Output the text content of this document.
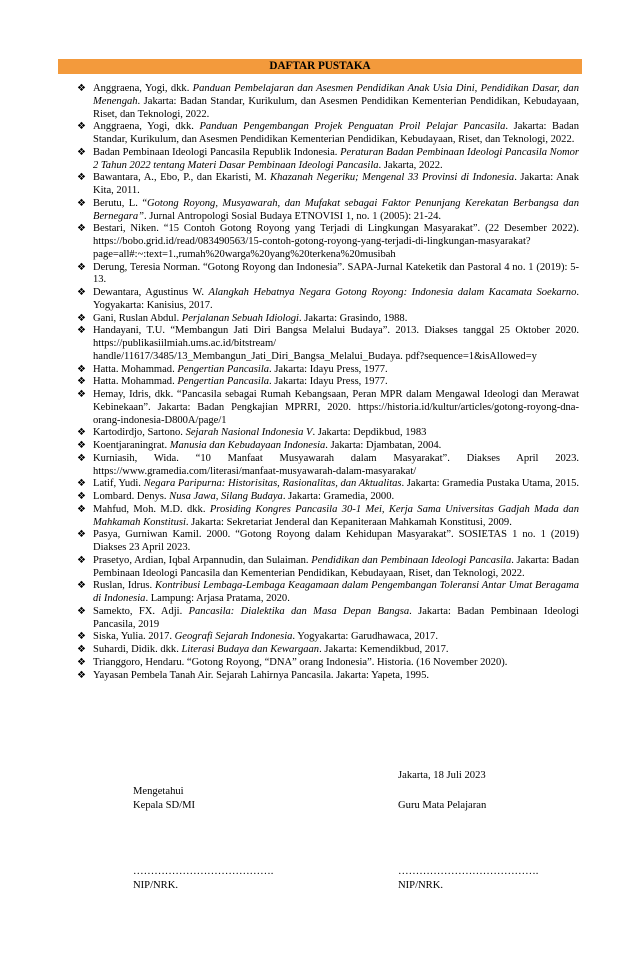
DAFTAR PUSTAKA
❖ Anggraena, Yogi, dkk. Panduan Pembelajaran dan Asesmen Pendidikan Anak Usia Dini, Pendidikan Dasar, dan Menengah. Jakarta: Badan Standar, Kurikulum, dan Asesmen Pendidikan Kementerian Pendidikan, Kebudayaan, Riset, dan Teknologi, 2022.
❖ Anggraena, Yogi, dkk. Panduan Pengembangan Projek Penguatan Proil Pelajar Pancasila. Jakarta: Badan Standar, Kurikulum, dan Asesmen Pendidikan Kementerian Pendidikan, Kebudayaan, Riset, dan Teknologi, 2022.
❖ Badan Pembinaan Ideologi Pancasila Republik Indonesia. Peraturan Badan Pembinaan Ideologi Pancasila Nomor 2 Tahun 2022 tentang Materi Dasar Pembinaan Ideologi Pancasila. Jakarta, 2022.
❖ Bawantara, A., Ebo, P., dan Ekaristi, M. Khazanah Negeriku; Mengenal 33 Provinsi di Indonesia. Jakarta: Anak Kita, 2011.
❖ Berutu, L. “Gotong Royong, Musyawarah, dan Mufakat sebagai Faktor Penunjang Kerekatan Berbangsa dan Bernegara”. Jurnal Antropologi Sosial Budaya ETNOVISI 1, no. 1 (2005): 21-24.
❖ Bestari, Niken. “15 Contoh Gotong Royong yang Terjadi di Lingkungan Masyarakat”. (22 Desember 2022). https://bobo.grid.id/read/083490563/15-contoh-gotong-royong-yang-terjadi-di-lingkungan-masyarakat?page=all#:~:text=1.,rumah%20warga%20yang%20terkena%20musibah
❖ Derung, Teresia Norman. “Gotong Royong dan Indonesia”. SAPA-Jurnal Kateketik dan Pastoral 4 no. 1 (2019): 5-13.
❖ Dewantara, Agustinus W. Alangkah Hebatnya Negara Gotong Royong: Indonesia dalam Kacamata Soekarno. Yogyakarta: Kanisius, 2017.
❖ Gani, Ruslan Abdul. Perjalanan Sebuah Idiologi. Jakarta: Grasindo, 1988.
❖ Handayani, T.U. “Membangun Jati Diri Bangsa Melalui Budaya”. 2013. Diakses tanggal 25 Oktober 2020. https://publikasiilmiah.ums.ac.id/bitstream/ handle/11617/3485/13_Membangun_Jati_Diri_Bangsa_Melalui_Budaya. pdf?sequence=1&isAllowed=y
❖ Hatta. Mohammad. Pengertian Pancasila. Jakarta: Idayu Press, 1977.
❖ Hatta. Mohammad. Pengertian Pancasila. Jakarta: Idayu Press, 1977.
❖ Hemay, Idris, dkk. “Pancasila sebagai Rumah Kebangsaan, Peran MPR dalam Mengawal Ideologi dan Merawat Kebinekaan”. Jakarta: Badan Pengkajian MPRRI, 2020. https://historia.id/kultur/articles/gotong-royong-dna-orang-indonesia-D800A/page/1
❖ Kartodirdjo, Sartono. Sejarah Nasional Indonesia V. Jakarta: Depdikbud, 1983
❖ Koentjaraningrat. Manusia dan Kebudayaan Indonesia. Jakarta: Djambatan, 2004.
❖ Kurniasih, Wida. “10 Manfaat Musyawarah dalam Masyarakat”. Diakses April 2023. https://www.gramedia.com/literasi/manfaat-musyawarah-dalam-masyarakat/
❖ Latif, Yudi. Negara Paripurna: Historisitas, Rasionalitas, dan Aktualitas. Jakarta: Gramedia Pustaka Utama, 2015.
❖ Lombard. Denys. Nusa Jawa, Silang Budaya. Jakarta: Gramedia, 2000.
❖ Mahfud, Moh. M.D. dkk. Prosiding Kongres Pancasila 30-1 Mei, Kerja Sama Universitas Gadjah Mada dan Mahkamah Konstitusi. Jakarta: Sekretariat Jenderal dan Kepaniteraan Mahkamah Konstitusi, 2009.
❖ Pasya, Gurniwan Kamil. 2000. “Gotong Royong dalam Kehidupan Masyarakat”. SOSIETAS 1 no. 1 (2019) Diakses 23 April 2023.
❖ Prasetyo, Ardian, Iqbal Arpannudin, dan Sulaiman. Pendidikan dan Pembinaan Ideologi Pancasila. Jakarta: Badan Pembinaan Ideologi Pancasila dan Kementerian Pendidikan, Kebudayaan, Riset, dan Teknologi, 2022.
❖ Ruslan, Idrus. Kontribusi Lembaga-Lembaga Keagamaan dalam Pengembangan Toleransi Antar Umat Beragama di Indonesia. Lampung: Arjasa Pratama, 2020.
❖ Samekto, FX. Adji. Pancasila: Dialektika dan Masa Depan Bangsa. Jakarta: Badan Pembinaan Ideologi Pancasila, 2019
❖ Siska, Yulia. 2017. Geografi Sejarah Indonesia. Yogyakarta: Garudhawaca, 2017.
❖ Suhardi, Didik. dkk. Literasi Budaya dan Kewargaan. Jakarta: Kemendikbud, 2017.
❖ Trianggoro, Hendaru. “Gotong Royong, “DNA” orang Indonesia”. Historia. (16 November 2020).
❖ Yayasan Pembela Tanah Air. Sejarah Lahirnya Pancasila. Jakarta: Yapeta, 1995.
Jakarta, 18 Juli 2023
Mengetahui
Kepala SD/MI	Guru Mata Pelajaran
………………………………….	………………………………….
NIP/NRK.	NIP/NRK.
